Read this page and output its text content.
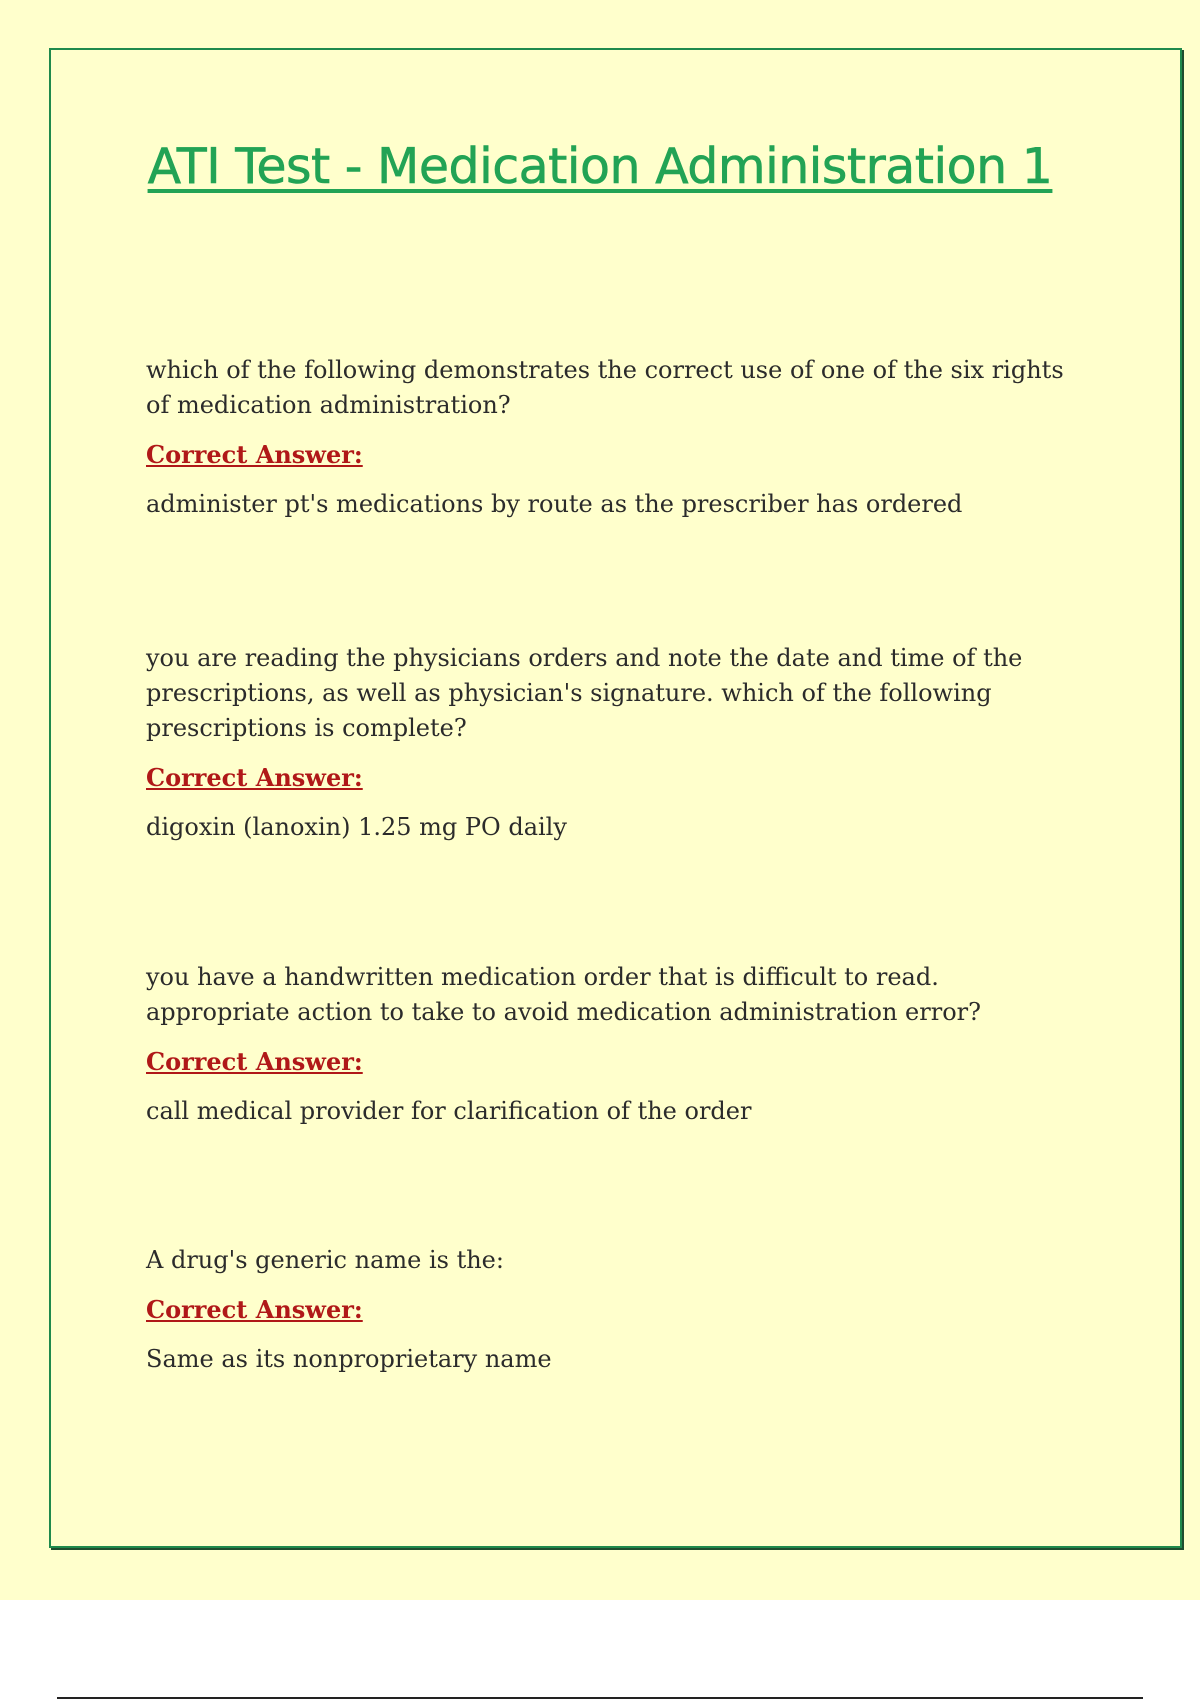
ATI Test - Medication Administration 1

which of the following demonstrates the correct use of one of the six rights of medication administration?

Correct Answer:
administer pt's medications by route as the prescriber has ordered

you are reading the physicians orders and note the date and time of the prescriptions, as well as physician's signature. which of the following prescriptions is complete?

Correct Answer:
digoxin (lanoxin) 1.25 mg PO daily

you have a handwritten medication order that is difficult to read. appropriate action to take to avoid medication administration error?

Correct Answer:
call medical provider for clarification of the order

A drug's generic name is the:

Correct Answer:
Same as its nonproprietary name
